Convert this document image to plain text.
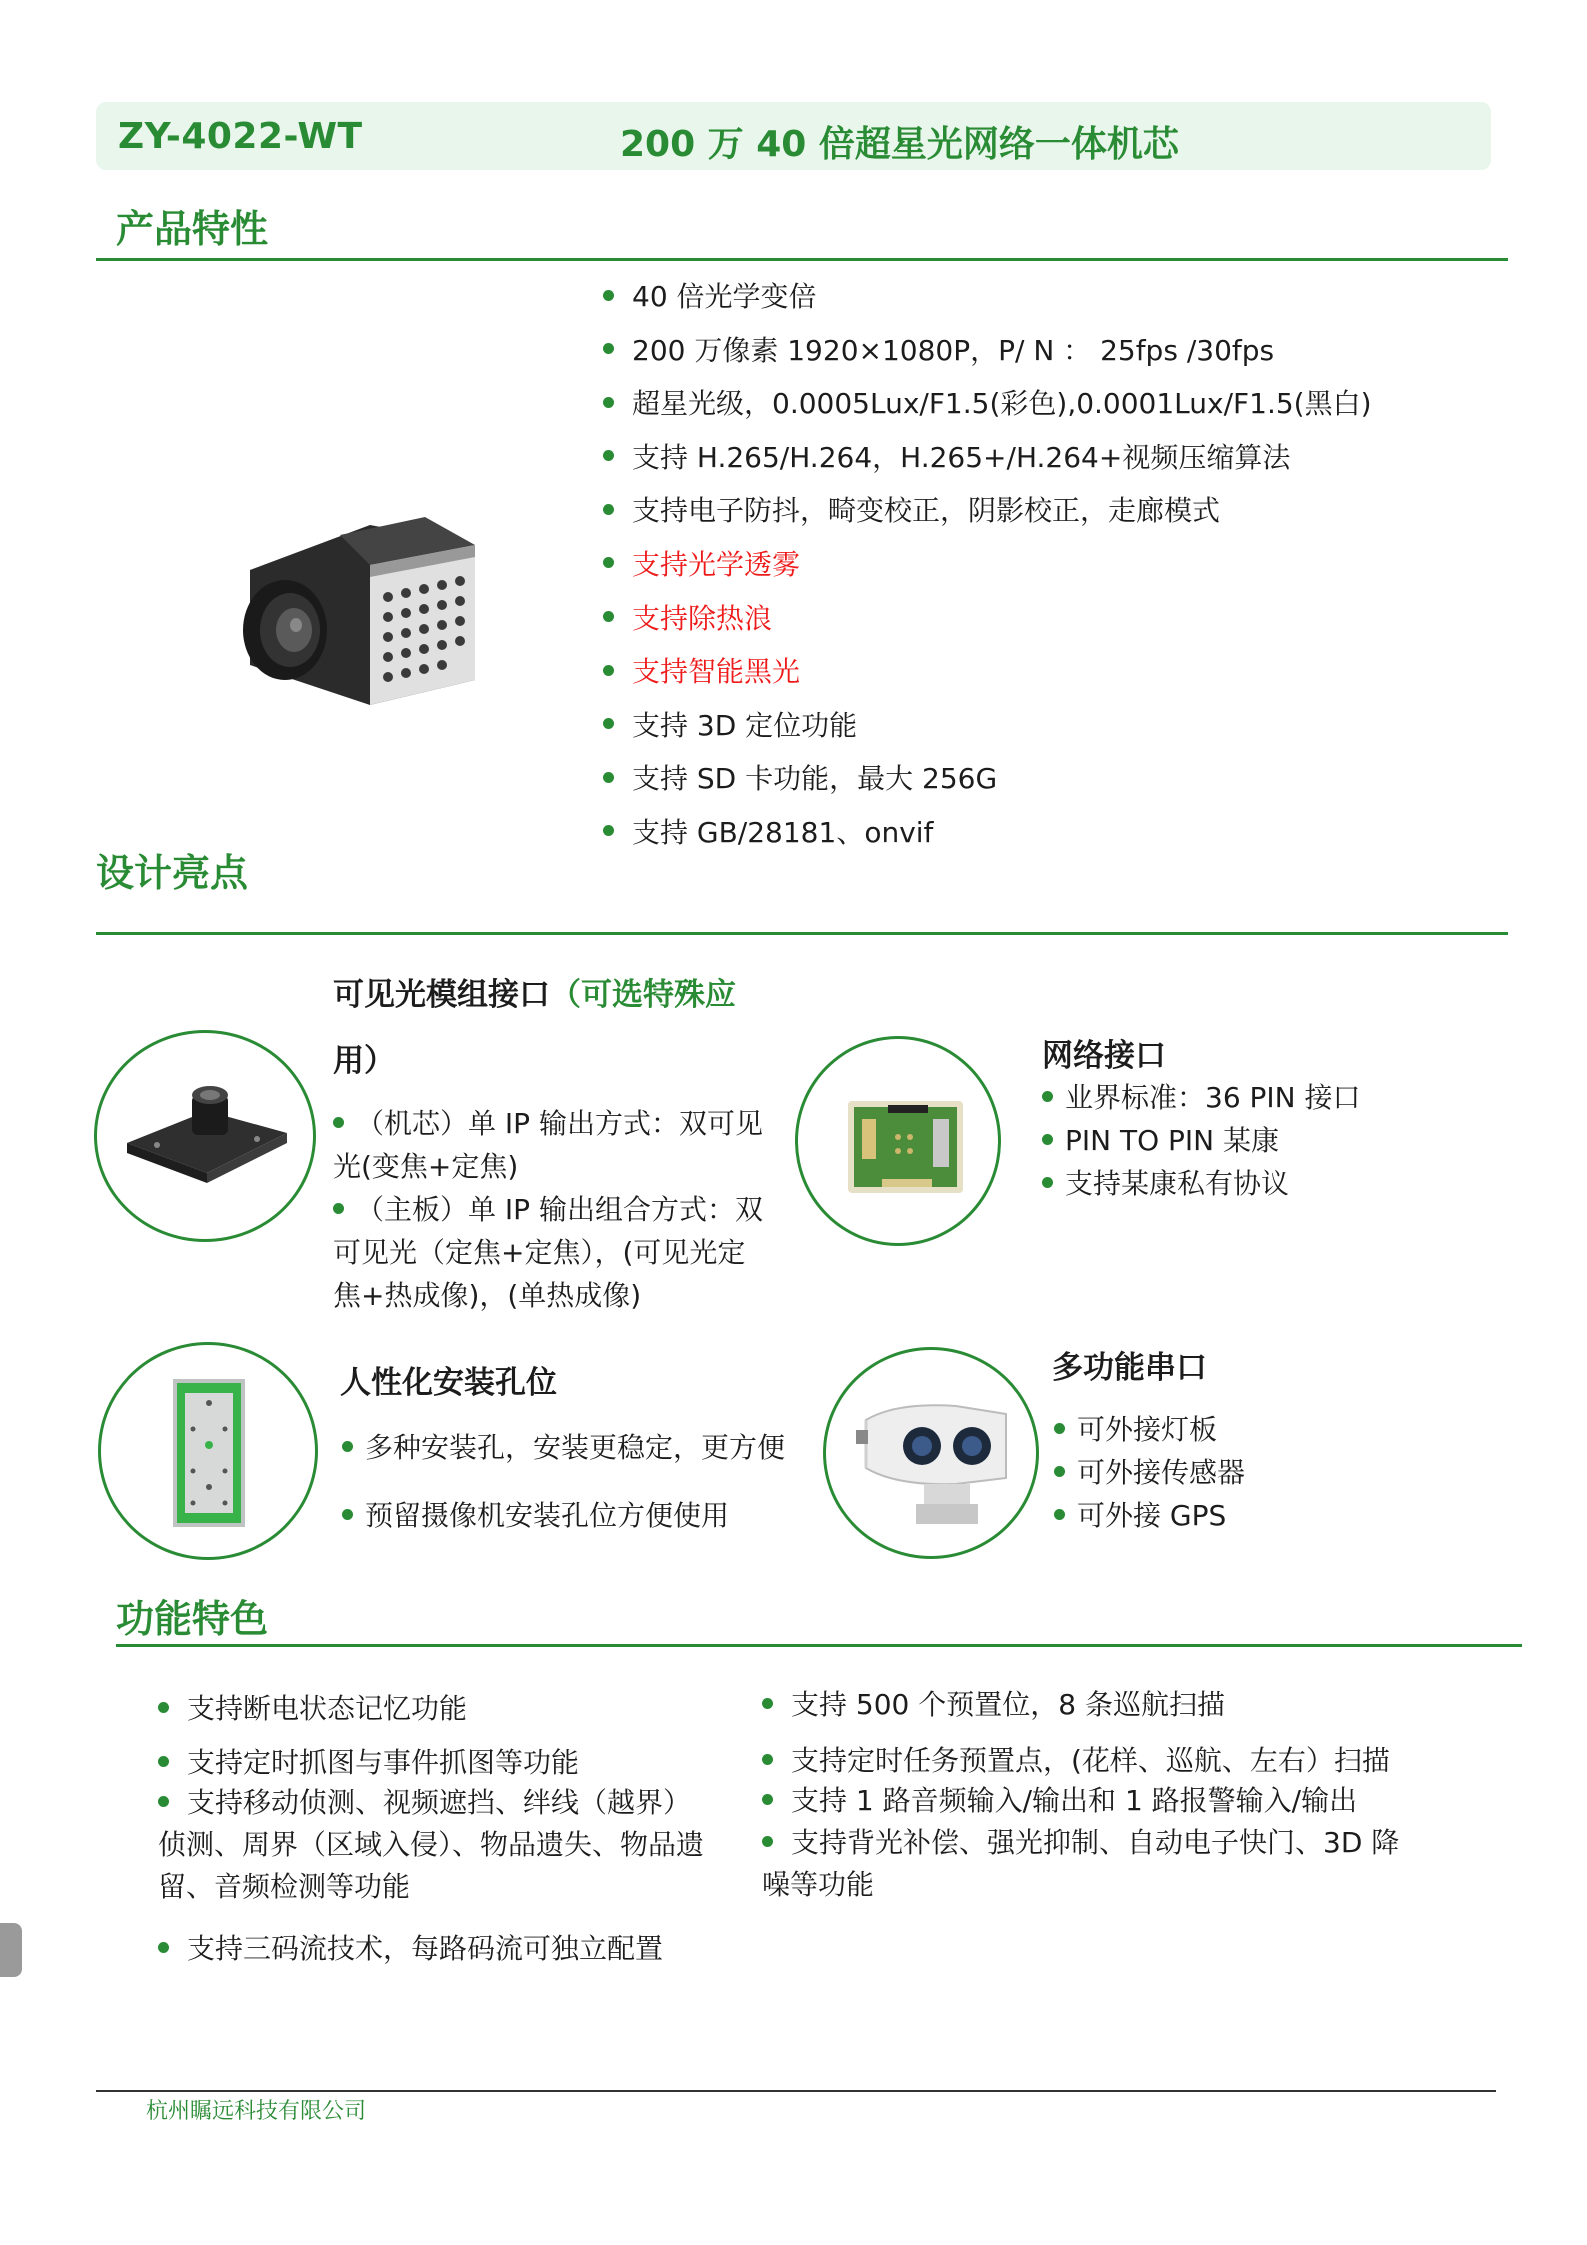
ZY-4022-WT	200 万 40 倍超星光网络一体机芯
产品特性
40 倍光学变倍
200 万像素 1920×1080P，P/ N ： 25fps /30fps
超星光级，0.0005Lux/F1.5(彩色),0.0001Lux/F1.5(黑白)
支持 H.265/H.264，H.265+/H.264+视频压缩算法
支持电子防抖，畸变校正，阴影校正，走廊模式
支持光学透雾
支持除热浪
支持智能黑光
支持 3D 定位功能
支持 SD 卡功能，最大 256G
支持 GB/28181、onvif
设计亮点
可见光模组接口（可选特殊应
用）
（机芯）单 IP 输出方式：双可见
光(变焦+定焦)
（主板）单 IP 输出组合方式：双
可见光（定焦+定焦），(可见光定
焦+热成像)，(单热成像)
网络接口
业界标准：36 PIN 接口
PIN TO PIN 某康
支持某康私有协议
人性化安装孔位
多种安装孔，安装更稳定，更方便
预留摄像机安装孔位方便使用
多功能串口
可外接灯板
可外接传感器
可外接 GPS
功能特色
支持断电状态记忆功能
支持定时抓图与事件抓图等功能
支持移动侦测、视频遮挡、绊线（越界）
侦测、周界（区域入侵）、物品遗失、物品遗
留、音频检测等功能
支持三码流技术，每路码流可独立配置
支持 500 个预置位，8 条巡航扫描
支持定时任务预置点，(花样、巡航、左右）扫描
支持 1 路音频输入/输出和 1 路报警输入/输出
支持背光补偿、强光抑制、自动电子快门、3D 降
噪等功能
杭州瞩远科技有限公司
